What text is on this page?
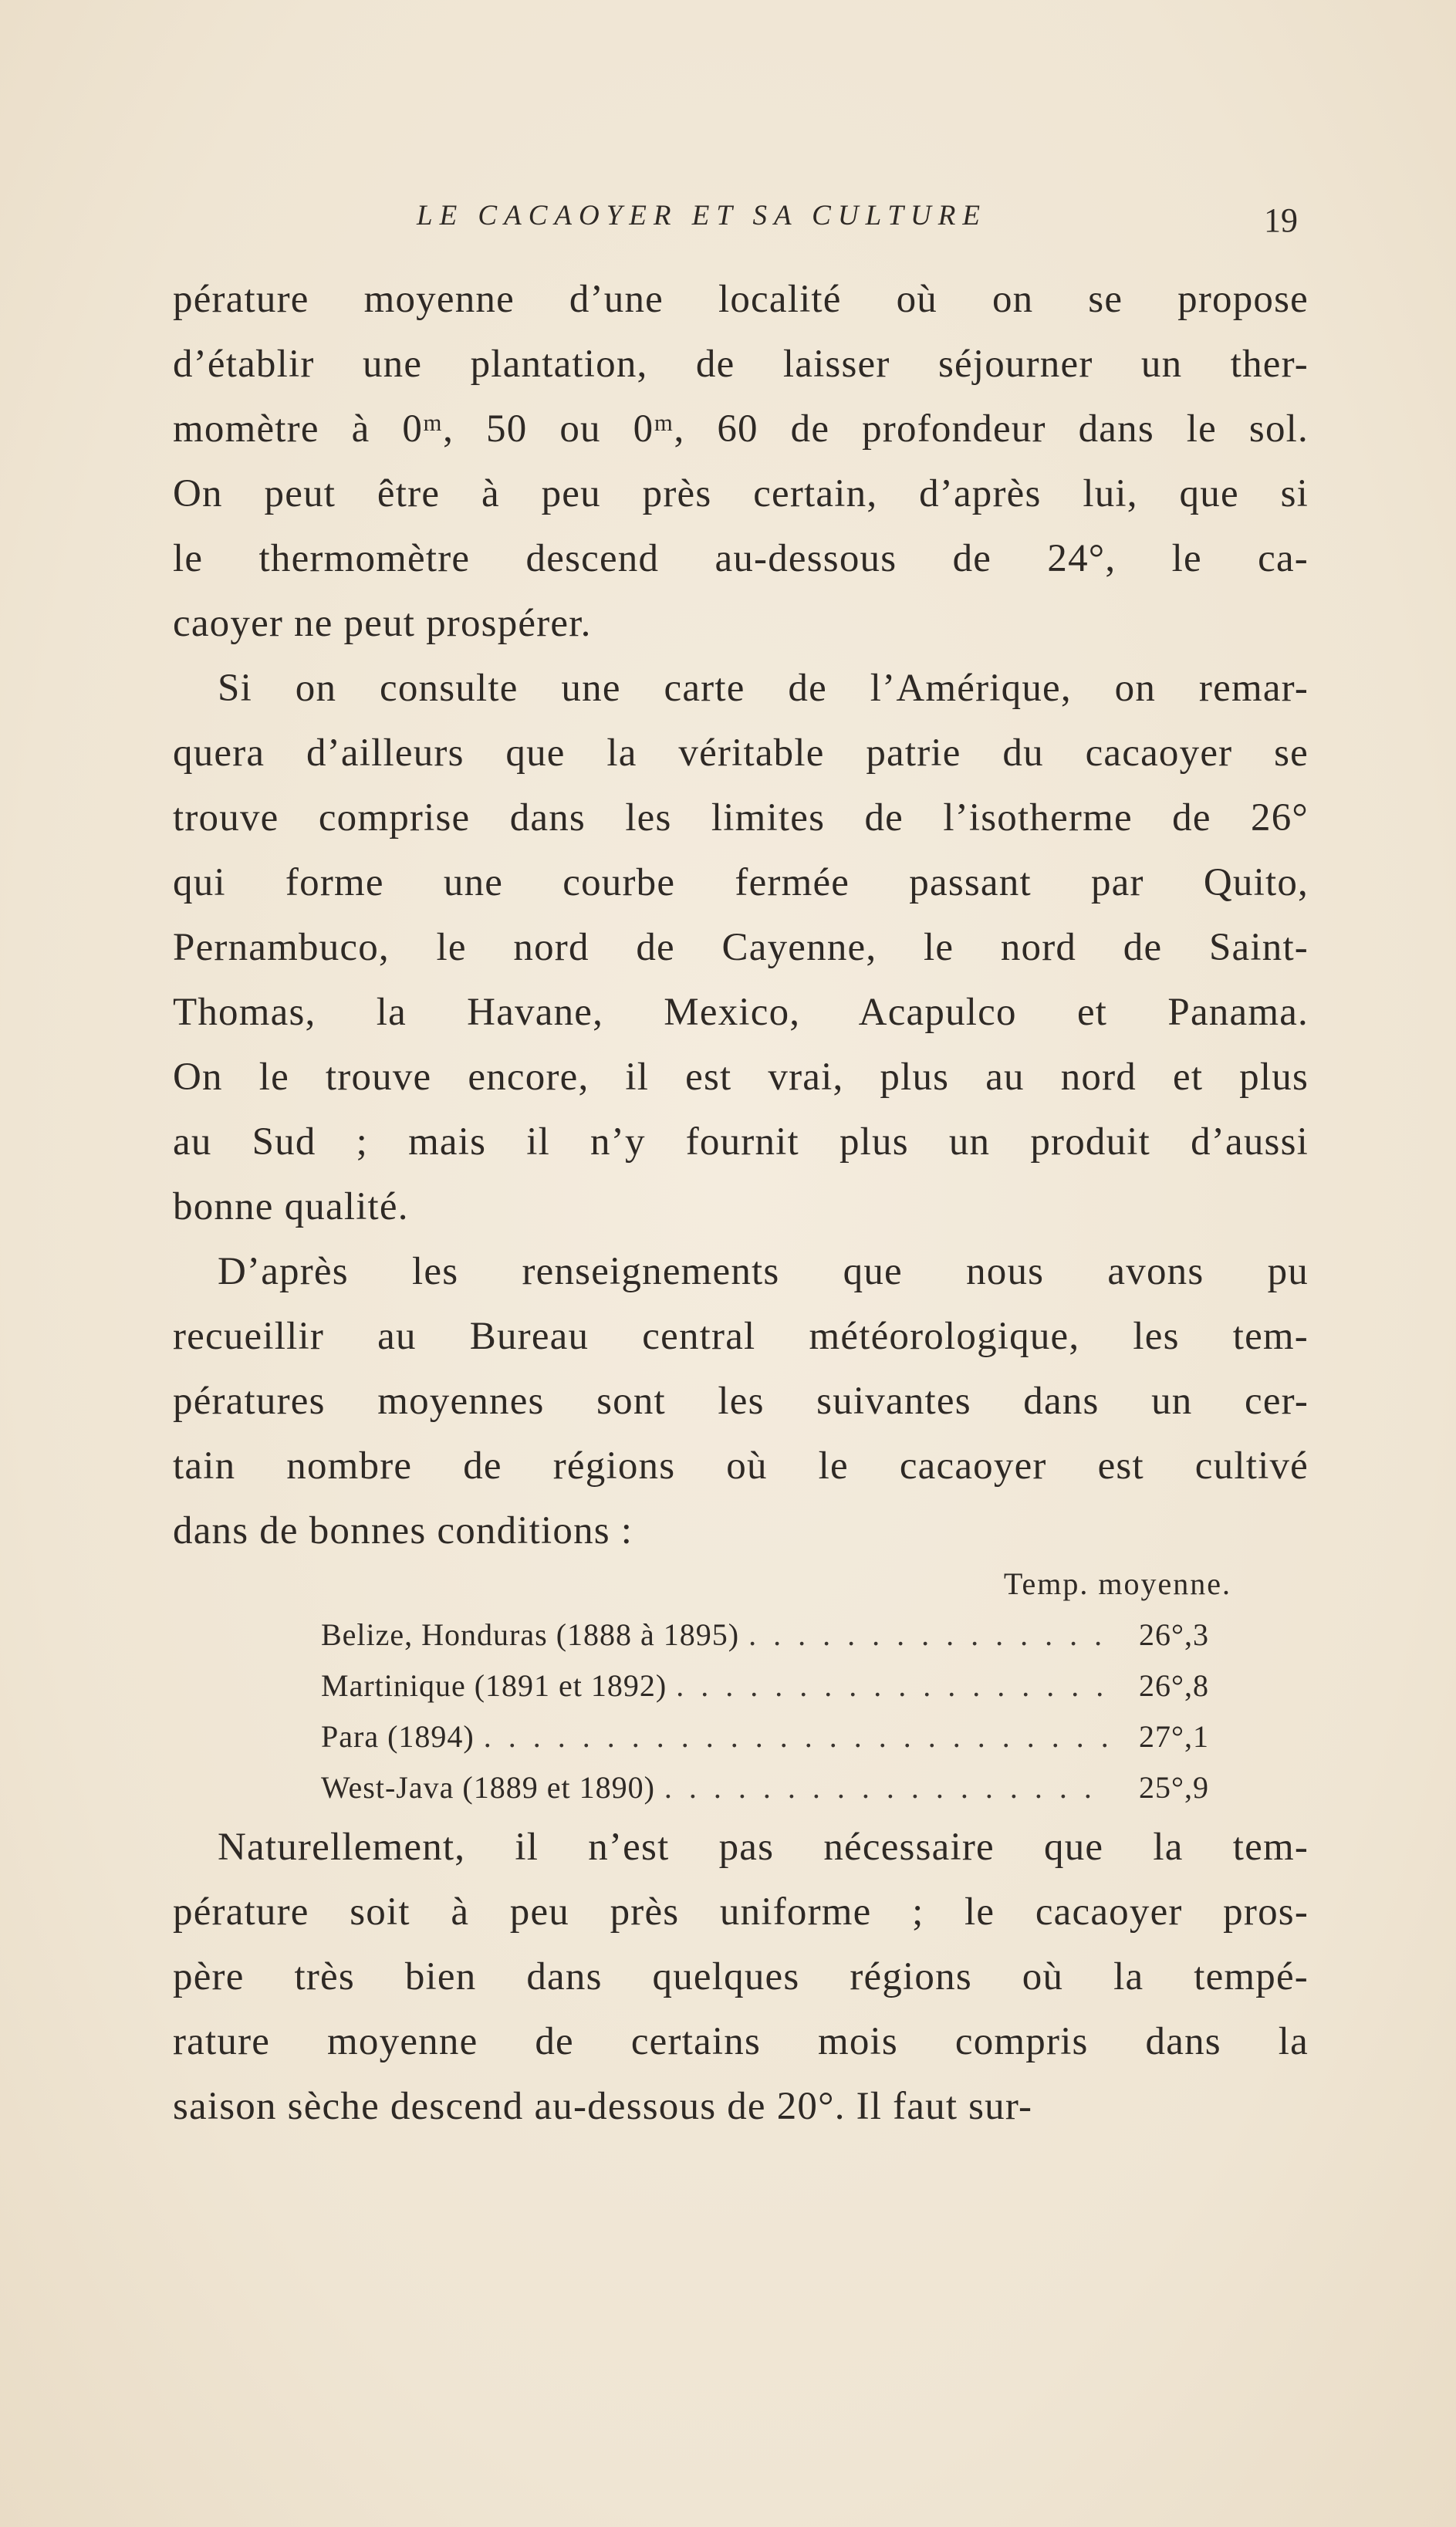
LE CACAOYER ET SA CULTURE	19
pérature moyenne d’une localité où on se propose
d’établir une plantation, de laisser séjourner un ther-
momètre à 0ᵐ, 50 ou 0ᵐ, 60 de profondeur dans le sol.
On peut être à peu près certain, d’après lui, que si
le thermomètre descend au-dessous de 24°, le ca-
caoyer ne peut prospérer.
Si on consulte une carte de l’Amérique, on remar-
quera d’ailleurs que la véritable patrie du cacaoyer se
trouve comprise dans les limites de l’isotherme de 26°
qui forme une courbe fermée passant par Quito,
Pernambuco, le nord de Cayenne, le nord de Saint-
Thomas, la Havane, Mexico, Acapulco et Panama.
On le trouve encore, il est vrai, plus au nord et plus
au Sud ; mais il n’y fournit plus un produit d’aussi
bonne qualité.
D’après les renseignements que nous avons pu
recueillir au Bureau central météorologique, les tem-
pératures moyennes sont les suivantes dans un cer-
tain nombre de régions où le cacaoyer est cultivé
dans de bonnes conditions :
Temp. moyenne.
Belize, Honduras (1888 à 1895) . . .	26°,3
Martinique (1891 et 1892) . . .	26°,8
Para (1894) . . .	27°,1
West-Java (1889 et 1890) . . .	25°,9
Naturellement, il n’est pas nécessaire que la tem-
pérature soit à peu près uniforme ; le cacaoyer pros-
père très bien dans quelques régions où la tempé-
rature moyenne de certains mois compris dans la
saison sèche descend au-dessous de 20°. Il faut sur-
